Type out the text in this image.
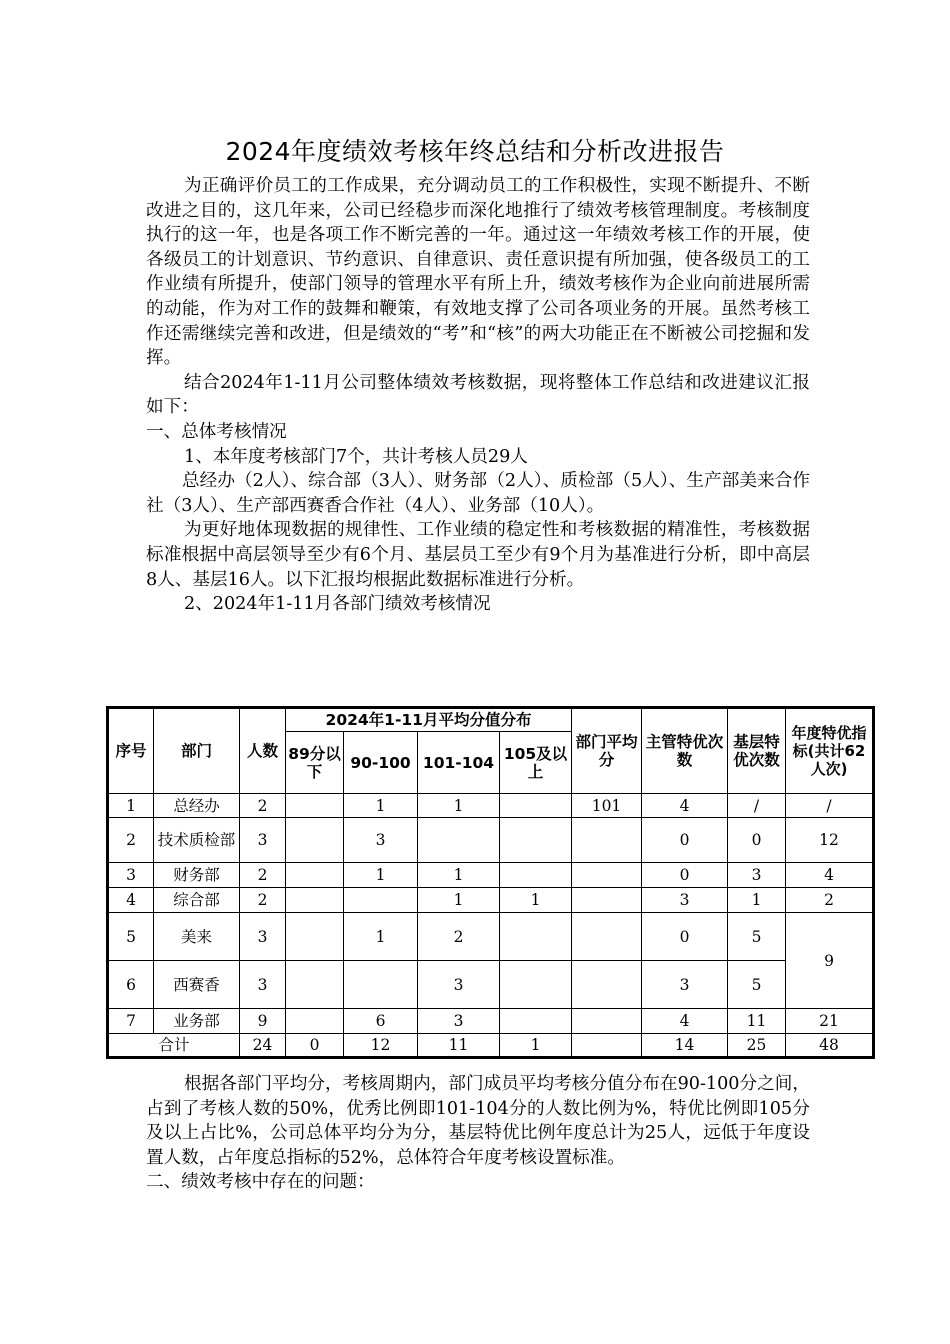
2024年度绩效考核年终总结和分析改进报告

为正确评价员工的工作成果，充分调动员工的工作积极性，实现不断提升、不断改进之目的，这几年来，公司已经稳步而深化地推行了绩效考核管理制度。考核制度执行的这一年，也是各项工作不断完善的一年。通过这一年绩效考核工作的开展，使各级员工的计划意识、节约意识、自律意识、责任意识提有所加强，使各级员工的工作业绩有所提升，使部门领导的管理水平有所上升，绩效考核作为企业向前进展所需的动能，作为对工作的鼓舞和鞭策，有效地支撑了公司各项业务的开展。虽然考核工作还需继续完善和改进，但是绩效的“考”和“核”的两大功能正在不断被公司挖掘和发挥。

结合2024年1-11月公司整体绩效考核数据，现将整体工作总结和改进建议汇报如下：

一、总体考核情况

1、本年度考核部门7个，共计考核人员29人

总经办（2人）、综合部（3人）、财务部（2人）、质检部（5人）、生产部美来合作社（3人）、生产部西赛香合作社（4人）、业务部（10人）。

为更好地体现数据的规律性、工作业绩的稳定性和考核数据的精准性，考核数据标准根据中高层领导至少有6个月、基层员工至少有9个月为基准进行分析，即中高层8人、基层16人。以下汇报均根据此数据标准进行分析。

2、2024年1-11月各部门绩效考核情况

序号	部门	人数	2024年1-11月平均分值分布				部门平均分	主管特优次数	基层特优次数	年度特优指标(共计62人次)
			89分以下	90-100	101-104	105及以上				
1	总经办	2		1	1		101	4	/	/
2	技术质检部	3		3				0	0	12
3	财务部	2		1	1			0	3	4
4	综合部	2			1	1		3	1	2
5	美来	3		1	2			0	5	9
6	西赛香	3			3			3	5	
7	业务部	9		6	3			4	11	21
合计		24	0	12	11	1		14	25	48

根据各部门平均分，考核周期内，部门成员平均考核分值分布在90-100分之间，占到了考核人数的50%，优秀比例即101-104分的人数比例为%，特优比例即105分及以上占比%，公司总体平均分为分，基层特优比例年度总计为25人，远低于年度设置人数，占年度总指标的52%，总体符合年度考核设置标准。

二、绩效考核中存在的问题：
